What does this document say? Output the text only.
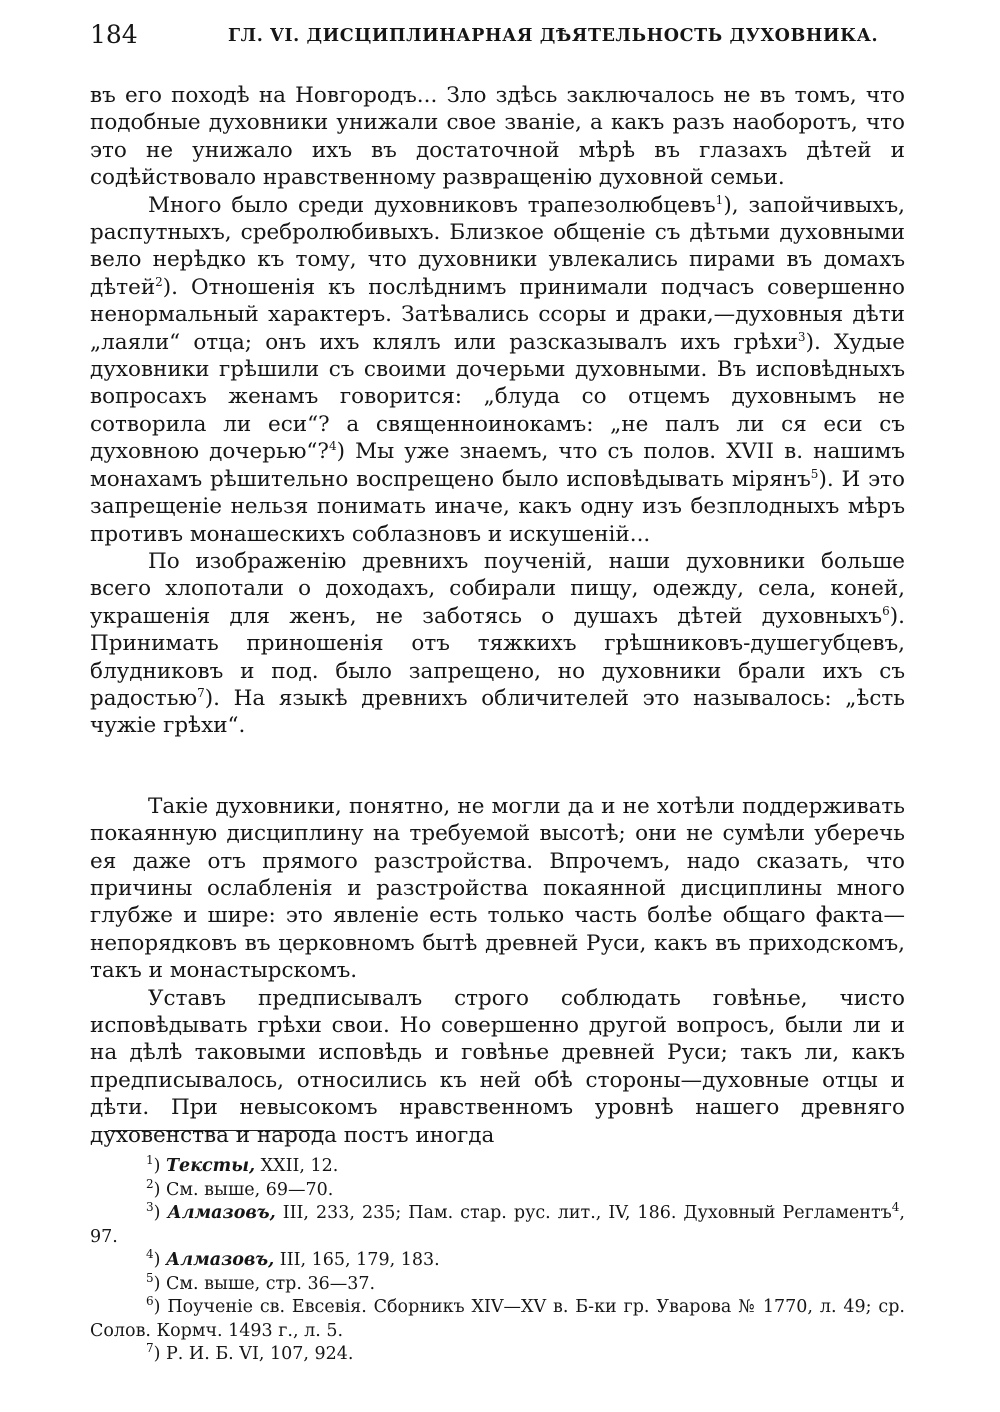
184	ГЛ. VI. ДИСЦИПЛИНАРНАЯ ДѢЯТЕЛЬНОСТЬ ДУХОВНИКА.

въ его походѣ на Новгородъ... Зло здѣсь заключалось не въ томъ, что подобные духовники унижали свое званіе, а какъ разъ наоборотъ, что это не унижало ихъ въ достаточной мѣрѣ въ глазахъ дѣтей и содѣйствовало нравственному развращенію духовной семьи.

Много было среди духовниковъ трапезолюбцевъ$^1$), запойчивыхъ, распутныхъ, сребролюбивыхъ. Близкое общеніе съ дѣтьми духовными вело нерѣдко къ тому, что духовники увлекались пирами въ домахъ дѣтей$^2$). Отношенія къ послѣднимъ принимали подчасъ совершенно ненормальный характеръ. Затѣвались ссоры и драки,—духовныя дѣти „лаяли“ отца; онъ ихъ клялъ или разсказывалъ ихъ грѣхи$^3$). Худые духовники грѣшили съ своими дочерьми духовными. Въ исповѣдныхъ вопросахъ женамъ говорится: „блуда со отцемъ духовнымъ не сотворила ли еси“? а священноинокамъ: „не палъ ли ся еси съ духовною дочерью“?$^4$) Мы уже знаемъ, что съ полов. XVII в. нашимъ монахамъ рѣшительно воспрещено было исповѣдывать мірянъ$^5$). И это запрещеніе нельзя понимать иначе, какъ одну изъ безплодныхъ мѣръ противъ монашескихъ соблазновъ и искушеній...

По изображенію древнихъ поученій, наши духовники больше всего хлопотали о доходахъ, собирали пищу, одежду, села, коней, украшенія для женъ, не заботясь о душахъ дѣтей духовныхъ$^6$). Принимать приношенія отъ тяжкихъ грѣшниковъ-душегубцевъ, блудниковъ и под. было запрещено, но духовники брали ихъ съ радостью$^7$). На языкѣ древнихъ обличителей это называлось: „ѣсть чужіе грѣхи“.

Такіе духовники, понятно, не могли да и не хотѣли поддерживать покаянную дисциплину на требуемой высотѣ; они не сумѣли уберечь ея даже отъ прямого разстройства. Впрочемъ, надо сказать, что причины ослабленія и разстройства покаянной дисциплины много глубже и шире: это явленіе есть только часть болѣе общаго факта—непорядковъ въ церковномъ бытѣ древней Руси, какъ въ приходскомъ, такъ и монастырскомъ.

Уставъ предписывалъ строго соблюдать говѣнье, чисто исповѣдывать грѣхи свои. Но совершенно другой вопросъ, были ли и на дѣлѣ таковыми исповѣдь и говѣнье древней Руси; такъ ли, какъ предписывалось, относились къ ней обѣ стороны—духовные отцы и дѣти. При невысокомъ нравственномъ уровнѣ нашего древняго духовенства и народа постъ иногда

$^1$) Тексты, XXII, 12.

$^2$) См. выше, 69—70.

$^3$) Алмазовъ, III, 233, 235; Пам. стар. рус. лит., IV, 186. Духовный Регламентъ$^4$, 97.

$^4$) Алмазовъ, III, 165, 179, 183.

$^5$) См. выше, стр. 36—37.

$^6$) Поученіе св. Евсевія. Сборникъ XIV—XV в. Б-ки гр. Уварова № 1770, л. 49; ср. Солов. Кормч. 1493 г., л. 5.

$^7$) Р. И. Б. VI, 107, 924.
